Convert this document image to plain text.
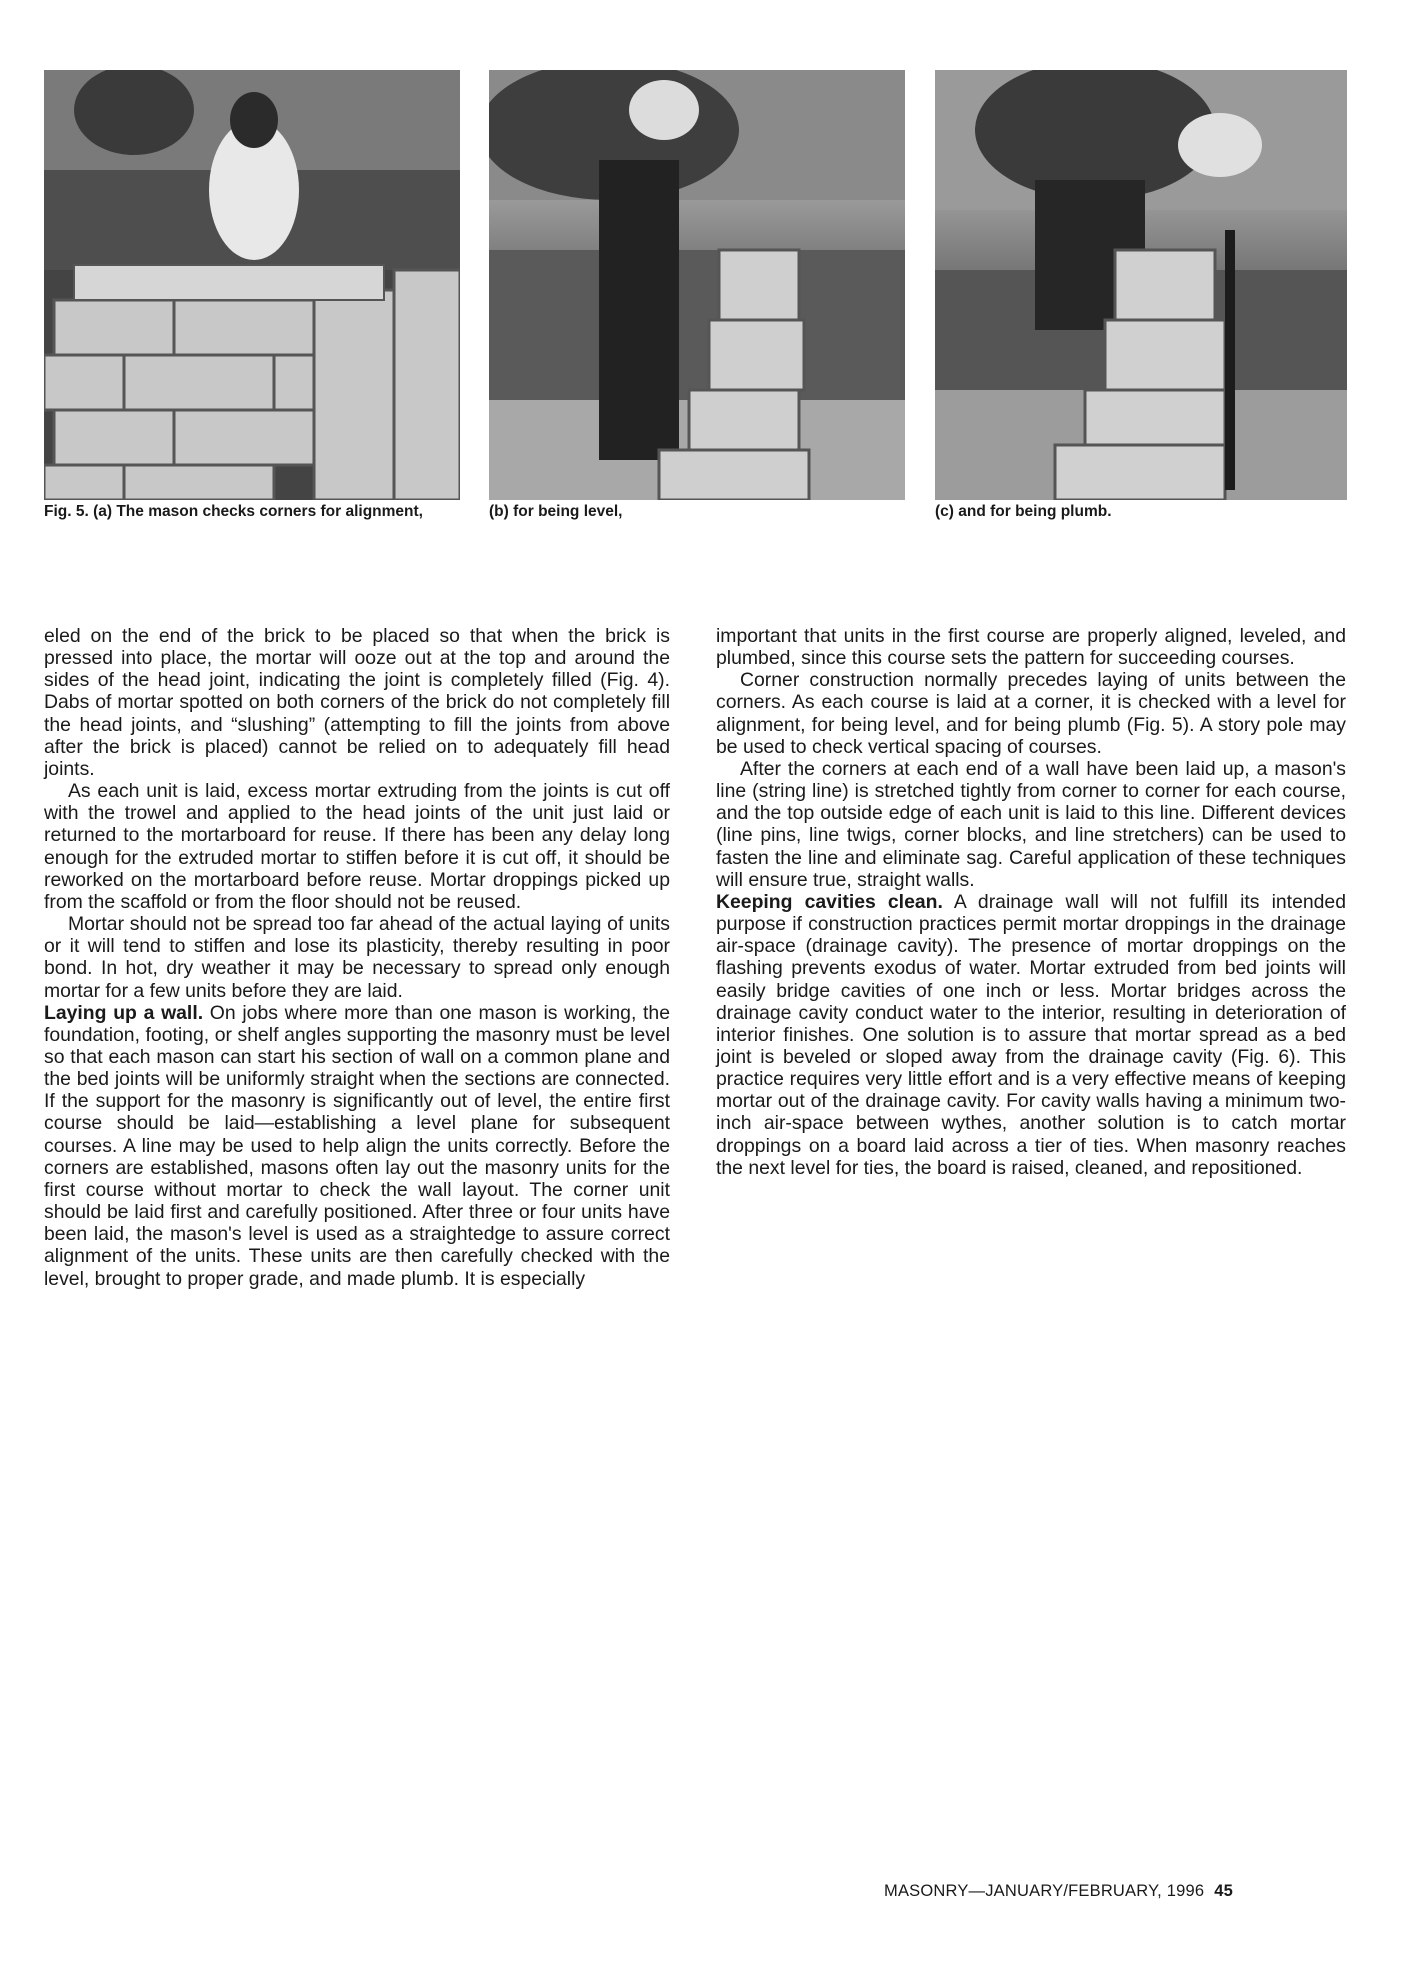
Fig. 5. (a) The mason checks corners for alignment,	(b) for being level,	(c) and for being plumb.

eled on the end of the brick to be placed so that when the brick is pressed into place, the mortar will ooze out at the top and around the sides of the head joint, indicating the joint is completely filled (Fig. 4). Dabs of mortar spotted on both corners of the brick do not completely fill the head joints, and “slushing” (attempting to fill the joints from above after the brick is placed) cannot be relied on to adequately fill head joints.

As each unit is laid, excess mortar extruding from the joints is cut off with the trowel and applied to the head joints of the unit just laid or returned to the mortarboard for reuse. If there has been any delay long enough for the extruded mortar to stiffen before it is cut off, it should be reworked on the mortarboard before reuse. Mortar droppings picked up from the scaffold or from the floor should not be reused.

Mortar should not be spread too far ahead of the actual laying of units or it will tend to stiffen and lose its plasticity, thereby resulting in poor bond. In hot, dry weather it may be necessary to spread only enough mortar for a few units before they are laid.

Laying up a wall. On jobs where more than one mason is working, the foundation, footing, or shelf angles supporting the masonry must be level so that each mason can start his section of wall on a common plane and the bed joints will be uniformly straight when the sections are connected. If the support for the masonry is significantly out of level, the entire first course should be laid—establishing a level plane for subsequent courses. A line may be used to help align the units correctly. Before the corners are established, masons often lay out the masonry units for the first course without mortar to check the wall layout. The corner unit should be laid first and carefully positioned. After three or four units have been laid, the mason's level is used as a straightedge to assure correct alignment of the units. These units are then carefully checked with the level, brought to proper grade, and made plumb. It is especially

important that units in the first course are properly aligned, leveled, and plumbed, since this course sets the pattern for succeeding courses.

Corner construction normally precedes laying of units between the corners. As each course is laid at a corner, it is checked with a level for alignment, for being level, and for being plumb (Fig. 5). A story pole may be used to check vertical spacing of courses.

After the corners at each end of a wall have been laid up, a mason's line (string line) is stretched tightly from corner to corner for each course, and the top outside edge of each unit is laid to this line. Different devices (line pins, line twigs, corner blocks, and line stretchers) can be used to fasten the line and eliminate sag. Careful application of these techniques will ensure true, straight walls.

Keeping cavities clean. A drainage wall will not fulfill its intended purpose if construction practices permit mortar droppings in the drainage air-space (drainage cavity). The presence of mortar droppings on the flashing prevents exodus of water. Mortar extruded from bed joints will easily bridge cavities of one inch or less. Mortar bridges across the drainage cavity conduct water to the interior, resulting in deterioration of interior finishes. One solution is to assure that mortar spread as a bed joint is beveled or sloped away from the drainage cavity (Fig. 6). This practice requires very little effort and is a very effective means of keeping mortar out of the drainage cavity. For cavity walls having a minimum two-inch air-space between wythes, another solution is to catch mortar droppings on a board laid across a tier of ties. When masonry reaches the next level for ties, the board is raised, cleaned, and repositioned.

MASONRY—JANUARY/FEBRUARY, 1996 45
